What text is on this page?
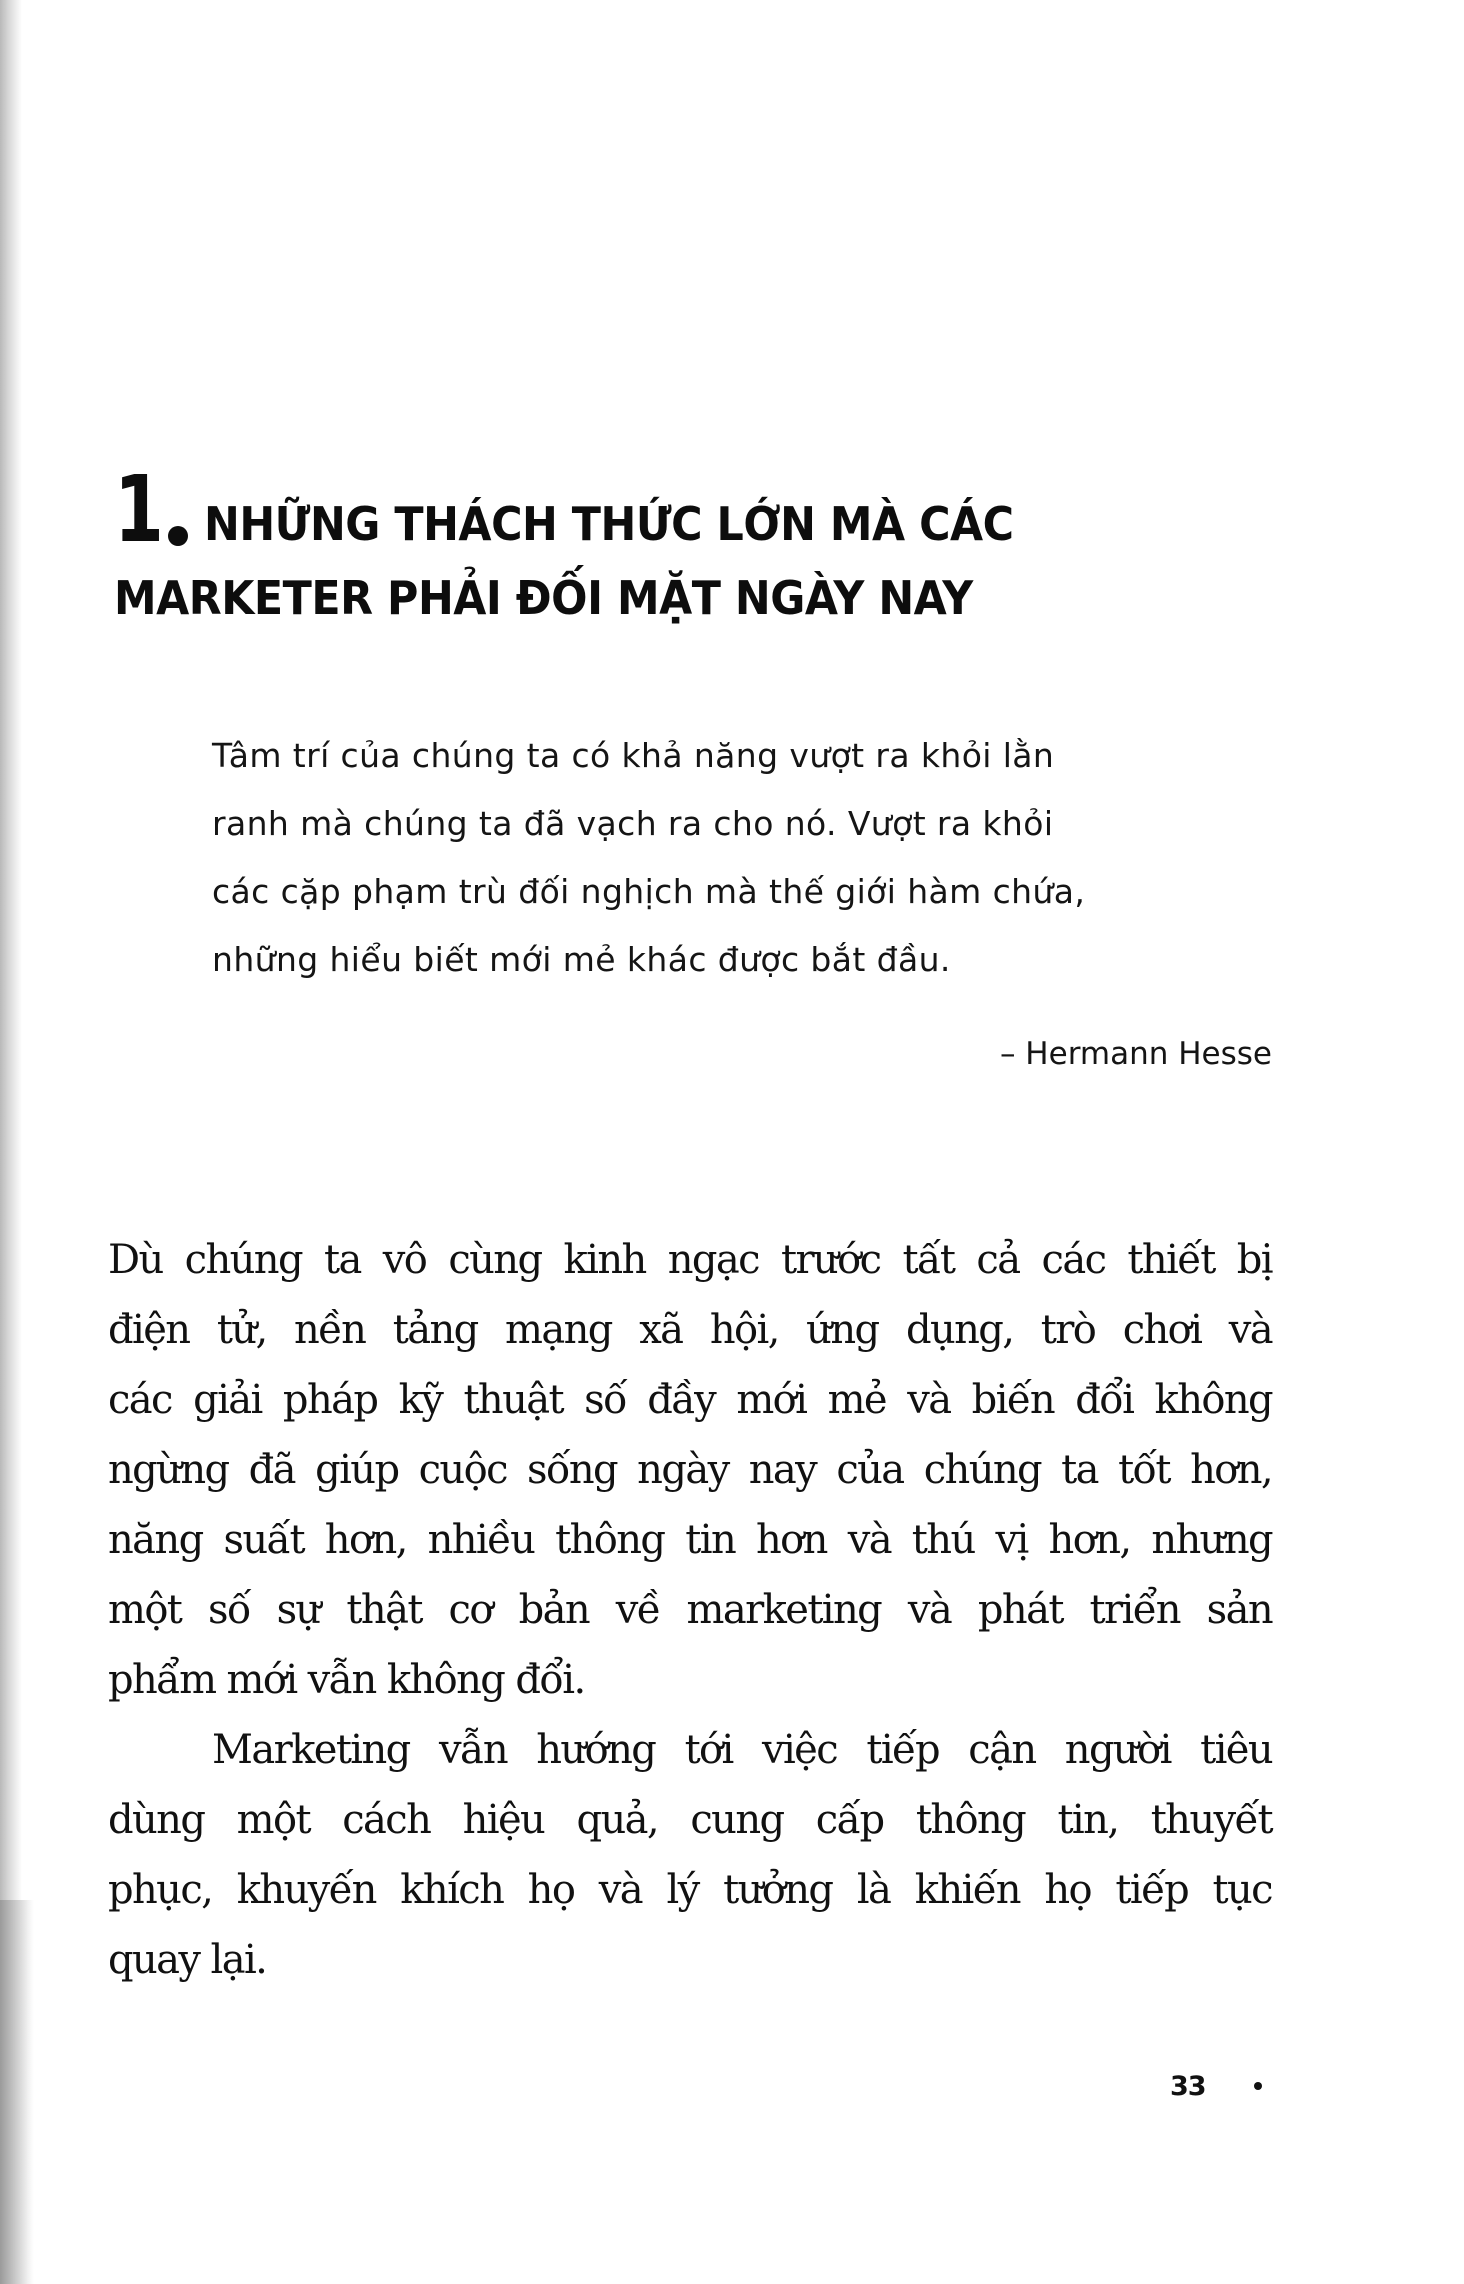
1 NHỮNG THÁCH THỨC LỚN MÀ CÁC
MARKETER PHẢI ĐỐI MẶT NGÀY NAY
Tâm trí của chúng ta có khả năng vượt ra khỏi lằn
ranh mà chúng ta đã vạch ra cho nó. Vượt ra khỏi
các cặp phạm trù đối nghịch mà thế giới hàm chứa,
những hiểu biết mới mẻ khác được bắt đầu.
– Hermann Hesse
Dù chúng ta vô cùng kinh ngạc trước tất cả các thiết bị
điện tử, nền tảng mạng xã hội, ứng dụng, trò chơi và
các giải pháp kỹ thuật số đầy mới mẻ và biến đổi không
ngừng đã giúp cuộc sống ngày nay của chúng ta tốt hơn,
năng suất hơn, nhiều thông tin hơn và thú vị hơn, nhưng
một số sự thật cơ bản về marketing và phát triển sản
phẩm mới vẫn không đổi.
Marketing vẫn hướng tới việc tiếp cận người tiêu
dùng một cách hiệu quả, cung cấp thông tin, thuyết
phục, khuyến khích họ và lý tưởng là khiến họ tiếp tục
quay lại.
33
